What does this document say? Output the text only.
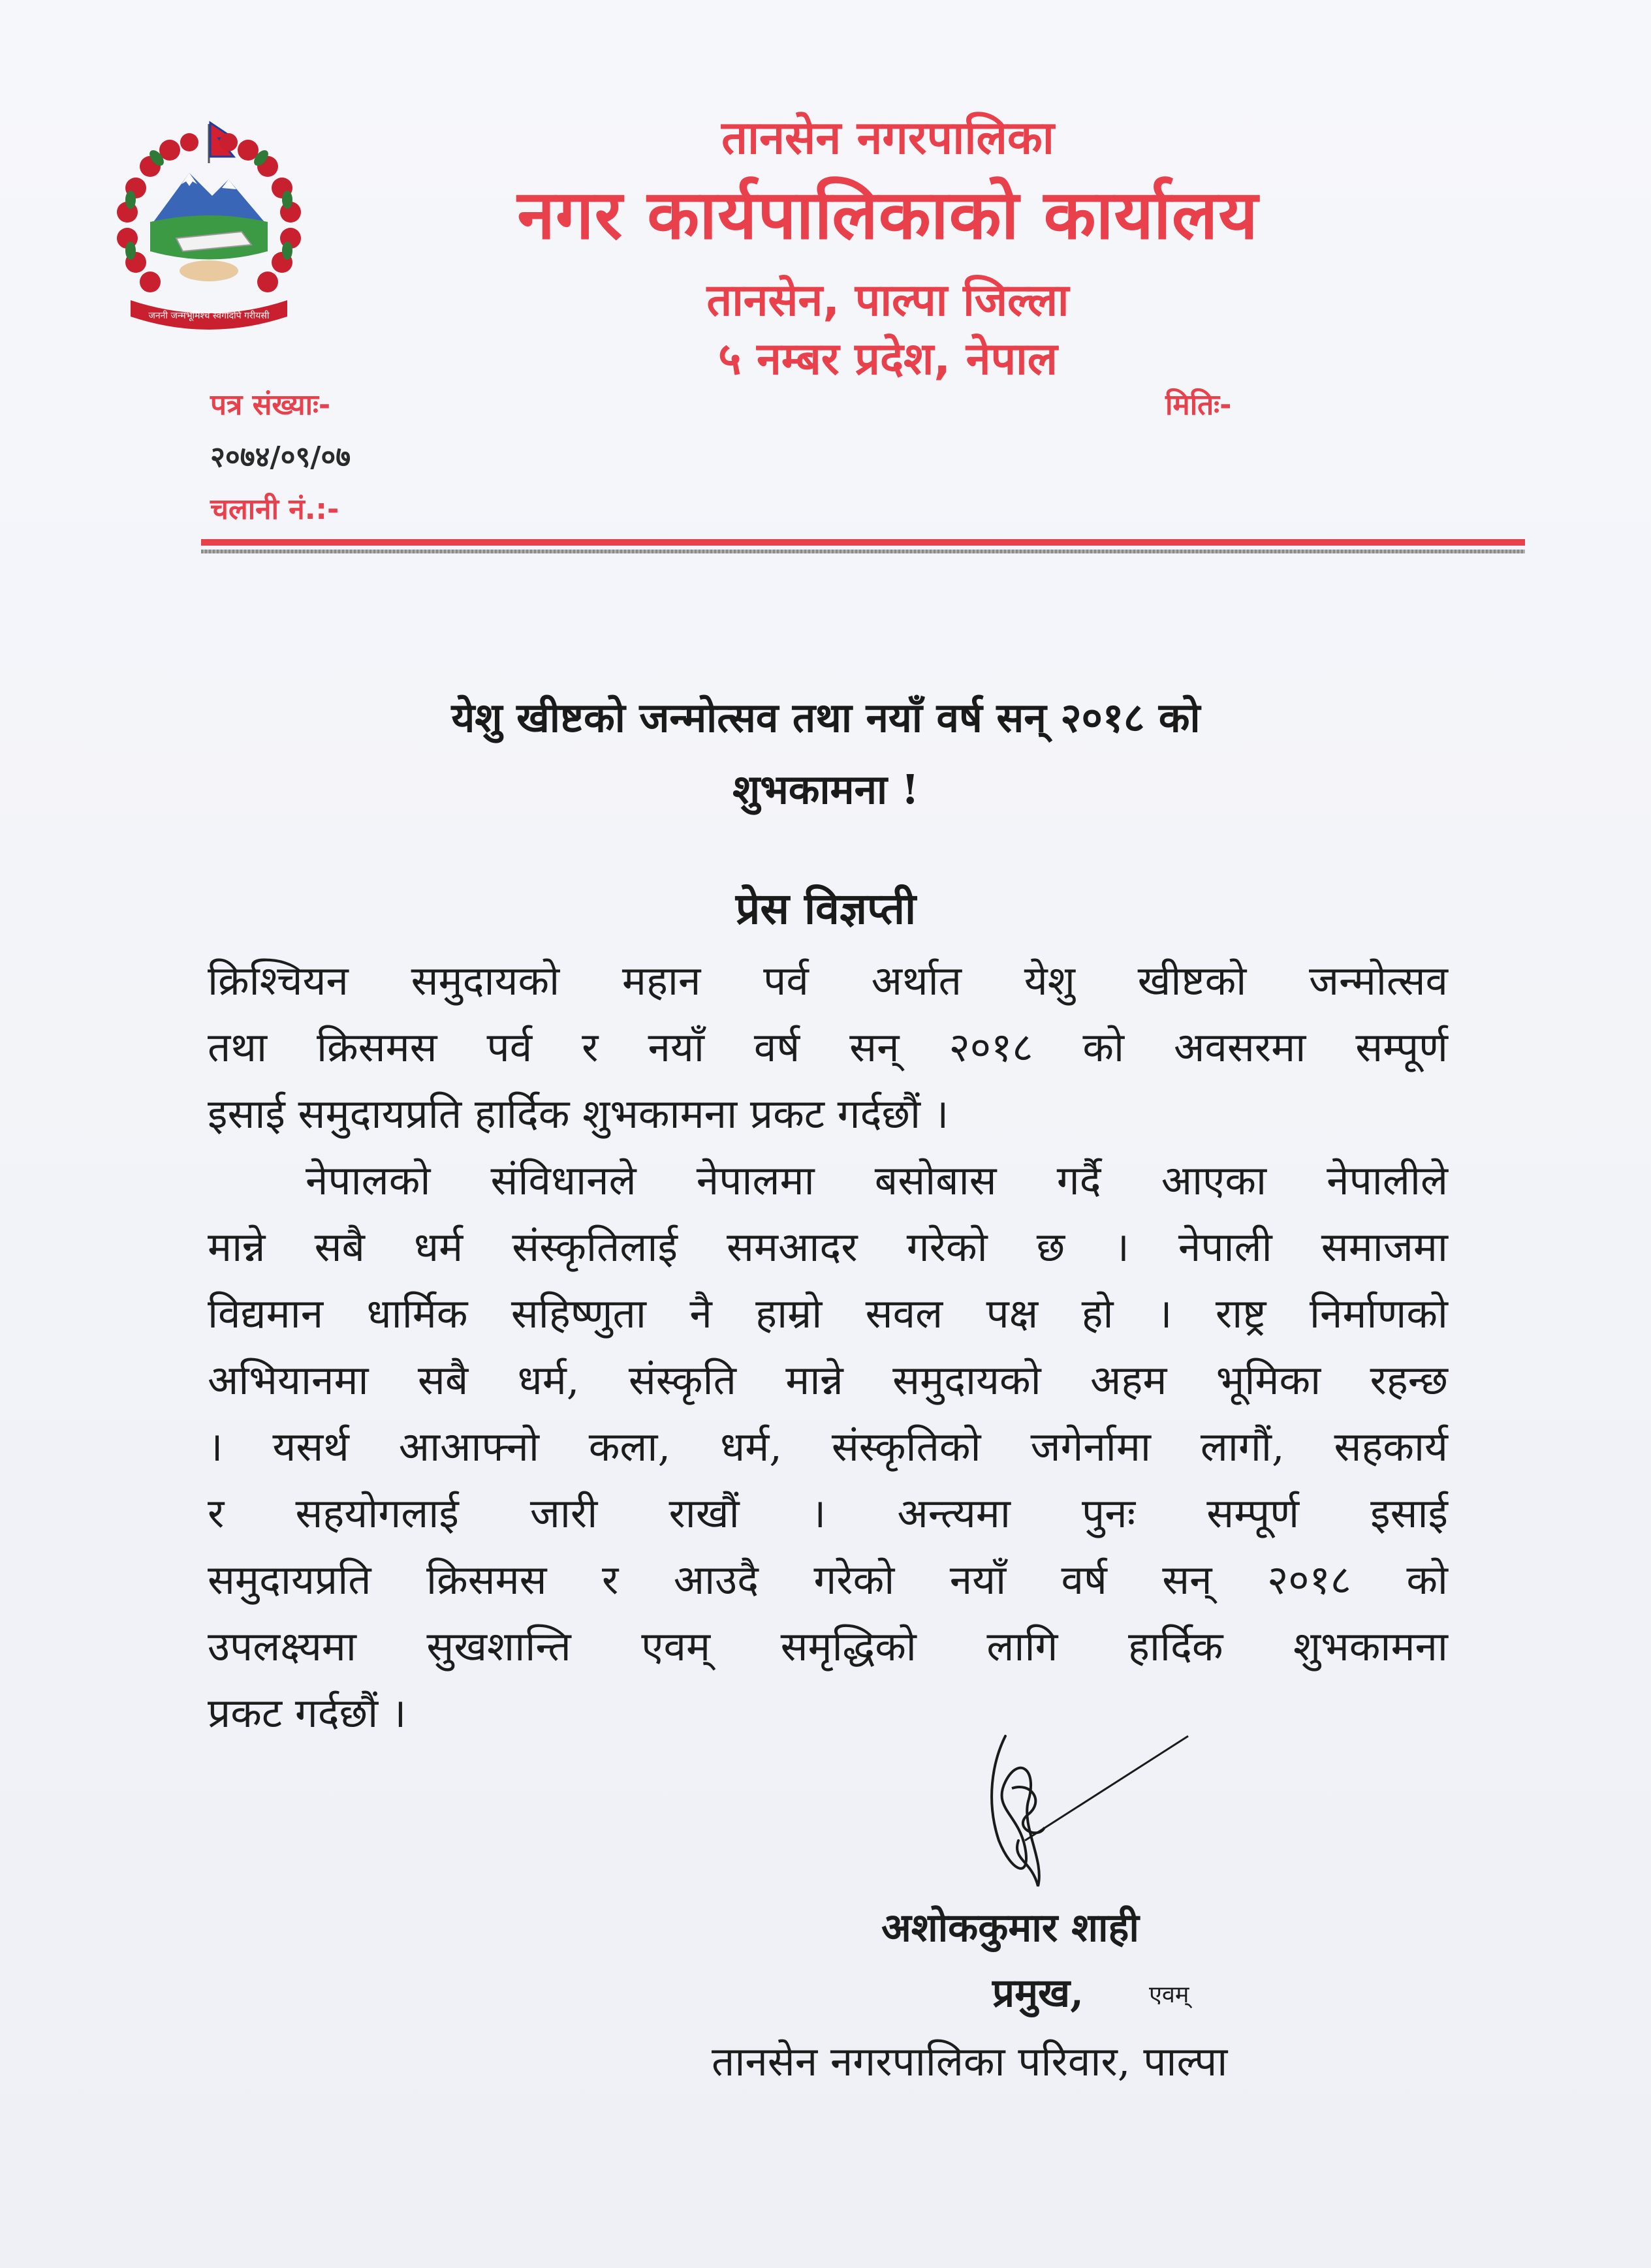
जननी जन्मभूमिश्च स्वर्गादपि गरीयसी
तानसेन नगरपालिका
नगर कार्यपालिकाको कार्यालय
तानसेन, पाल्पा जिल्ला
५ नम्बर प्रदेश, नेपाल
पत्र संख्याः-
२०७४/०९/०७
चलानी नं.:-
मितिः-
येशु खीष्टको जन्मोत्सव तथा नयाँ वर्ष सन् २०१८ को
शुभकामना !
प्रेस विज्ञप्ती
क्रिश्चियन समुदायको महान पर्व अर्थात येशु खीष्टको जन्मोत्सव
तथा क्रिसमस पर्व र नयाँ वर्ष सन् २०१८ को अवसरमा सम्पूर्ण
इसाई समुदायप्रति हार्दिक शुभकामना प्रकट गर्दछौं ।
नेपालको संविधानले नेपालमा बसोबास गर्दै आएका नेपालीले
मान्ने सबै धर्म संस्कृतिलाई समआदर गरेको छ । नेपाली समाजमा
विद्यमान धार्मिक सहिष्णुता नै हाम्रो सवल पक्ष हो । राष्ट्र निर्माणको
अभियानमा सबै धर्म, संस्कृति मान्ने समुदायको अहम भूमिका रहन्छ
। यसर्थ आआफ्नो कला, धर्म, संस्कृतिको जगेर्नामा लागौं, सहकार्य
र सहयोगलाई जारी राखौं । अन्त्यमा पुनः सम्पूर्ण इसाई
समुदायप्रति क्रिसमस र आउदै गरेको नयाँ वर्ष सन् २०१८ को
उपलक्ष्यमा सुखशान्ति एवम् समृद्धिको लागि हार्दिक शुभकामना
प्रकट गर्दछौं ।
अशोककुमार शाही
प्रमुख,	एवम्
तानसेन नगरपालिका परिवार, पाल्पा
